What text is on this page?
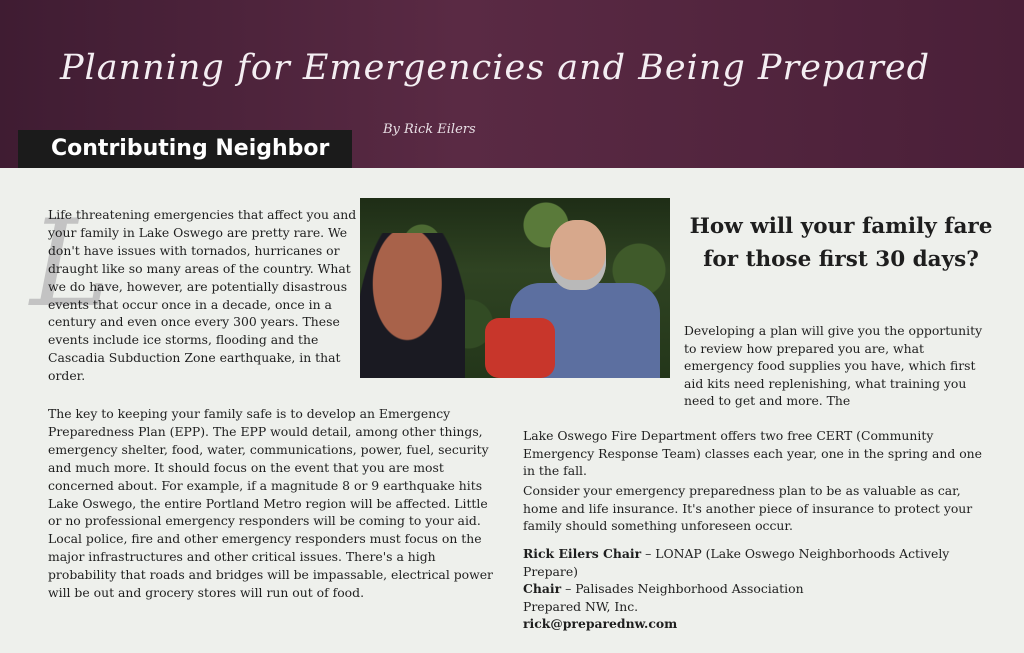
Planning for Emergencies and Being Prepared
By Rick Eilers
Contributing Neighbor
L

Life threatening emergencies that affect you and your family in Lake Oswego are pretty rare. We don't have issues with tornados, hurricanes or draught like so many areas of the country. What we do have, however, are potentially disastrous events that occur once in a decade, once in a century and even once every 300 years. These events include ice storms, flooding and the Cascadia Subduction Zone earthquake, in that order.

The key to keeping your family safe is to develop an Emergency Preparedness Plan (EPP). The EPP would detail, among other things, emergency shelter, food, water, communications, power, fuel, security and much more. It should focus on the event that you are most concerned about. For example, if a magnitude 8 or 9 earthquake hits Lake Oswego, the entire Portland Metro region will be affected. Little or no professional emergency responders will be coming to your aid. Local police, fire and other emergency responders must focus on the major infrastructures and other critical issues. There's a high probability that roads and bridges will be impassable, electrical power will be out and grocery stores will run out of food.

How will your family fare for those first 30 days?

Developing a plan will give you the opportunity to review how prepared you are, what emergency food supplies you have, which first aid kits need replenishing, what training you need to get and more. The

Lake Oswego Fire Department offers two free CERT (Community Emergency Response Team) classes each year, one in the spring and one in the fall.

Consider your emergency preparedness plan to be as valuable as car, home and life insurance. It's another piece of insurance to protect your family should something unforeseen occur.

Rick Eilers Chair – LONAP (Lake Oswego Neighborhoods Actively Prepare)
Chair – Palisades Neighborhood Association
Prepared NW, Inc.
rick@preparednw.com
